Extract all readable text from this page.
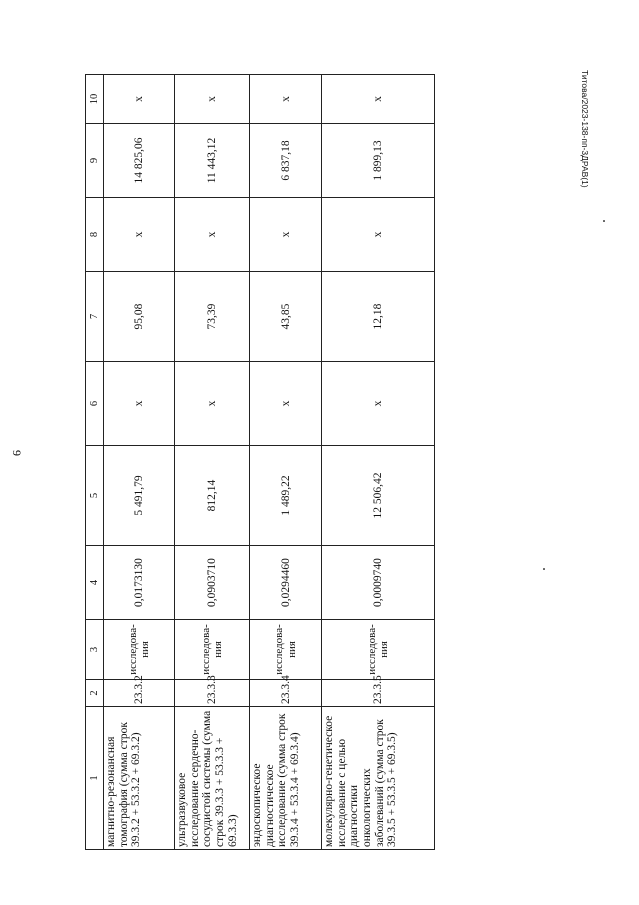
9
Титова/2023-138-пп-3ДРАВ(1)
1	2	3	4	5	6	7	8	9	10
магнитно-резонансная томография (сумма строк 39.3.2 + 53.3.2 + 69.3.2)	23.3.2	исследова-ния	0,0173130	5 491,79	x	95,08	x	14 825,06	x
ультразвуковое исследование сердечно-сосудистой системы (сумма строк 39.3.3 + 53.3.3 + 69.3.3)	23.3.3	исследова-ния	0,0903710	812,14	x	73,39	x	11 443,12	x
эндоскопическое диагностическое исследование (сумма строк 39.3.4 + 53.3.4 + 69.3.4)	23.3.4	исследова-ния	0,0294460	1 489,22	x	43,85	x	6 837,18	x
молекулярно-генетическое исследование с целью диагностики онкологических заболеваний (сумма строк 39.3.5 + 53.3.5 + 69.3.5)	23.3.5	исследова-ния	0,0009740	12 506,42	x	12,18	x	1 899,13	x
